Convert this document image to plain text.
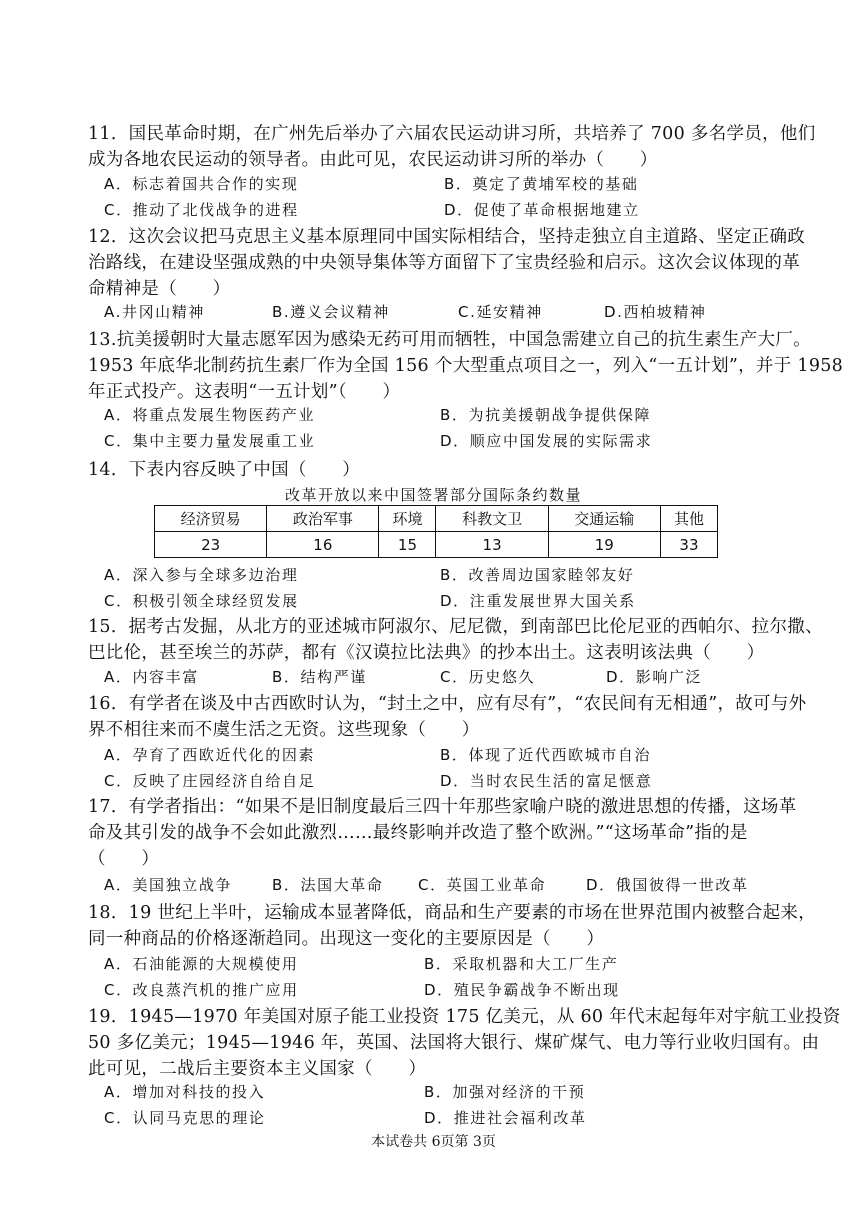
11．国民革命时期，在广州先后举办了六届农民运动讲习所，共培养了 700 多名学员，他们
成为各地农民运动的领导者。由此可见，农民运动讲习所的举办（　　）
A．标志着国共合作的实现	B．奠定了黄埔军校的基础
C．推动了北伐战争的进程	D．促使了革命根据地建立
12．这次会议把马克思主义基本原理同中国实际相结合，坚持走独立自主道路、坚定正确政
治路线，在建设坚强成熟的中央领导集体等方面留下了宝贵经验和启示。这次会议体现的革
命精神是（　　）
A.井冈山精神	B.遵义会议精神	C.延安精神	D.西柏坡精神
13.抗美援朝时大量志愿军因为感染无药可用而牺牲，中国急需建立自己的抗生素生产大厂。
1953 年底华北制药抗生素厂作为全国 156 个大型重点项目之一，列入“一五计划”，并于 1958
年正式投产。这表明“一五计划”（　　）
A．将重点发展生物医药产业	B．为抗美援朝战争提供保障
C．集中主要力量发展重工业	D．顺应中国发展的实际需求
14．下表内容反映了中国（　　）
改革开放以来中国签署部分国际条约数量
经济贸易	政治军事	环境	科教文卫	交通运输	其他
23	16	15	13	19	33
A．深入参与全球多边治理	B．改善周边国家睦邻友好
C．积极引领全球经贸发展	D．注重发展世界大国关系
15．据考古发掘，从北方的亚述城市阿淑尔、尼尼微，到南部巴比伦尼亚的西帕尔、拉尔撒、
巴比伦，甚至埃兰的苏萨，都有《汉谟拉比法典》的抄本出土。这表明该法典（　　）
A．内容丰富	B．结构严谨	C．历史悠久	D．影响广泛
16．有学者在谈及中古西欧时认为，“封土之中，应有尽有”，“农民间有无相通”，故可与外
界不相往来而不虞生活之无资。这些现象（　　）
A．孕育了西欧近代化的因素	B．体现了近代西欧城市自治
C．反映了庄园经济自给自足	D．当时农民生活的富足惬意
17．有学者指出：“如果不是旧制度最后三四十年那些家喻户晓的激进思想的传播，这场革
命及其引发的战争不会如此激烈……最终影响并改造了整个欧洲。”“这场革命”指的是
（　　）
A．美国独立战争	B．法国大革命 C．英国工业革命	D．俄国彼得一世改革
18．19 世纪上半叶，运输成本显著降低，商品和生产要素的市场在世界范围内被整合起来，
同一种商品的价格逐渐趋同。出现这一变化的主要原因是（　　）
A．石油能源的大规模使用	B．采取机器和大工厂生产
C．改良蒸汽机的推广应用	D．殖民争霸战争不断出现
19．1945—1970 年美国对原子能工业投资 175 亿美元，从 60 年代末起每年对宇航工业投资
50 多亿美元；1945—1946 年，英国、法国将大银行、煤矿煤气、电力等行业收归国有。由
此可见，二战后主要资本主义国家（　　）
A．增加对科技的投入	B．加强对经济的干预
C．认同马克思的理论	D．推进社会福利改革
本试卷共 6页第 3页
